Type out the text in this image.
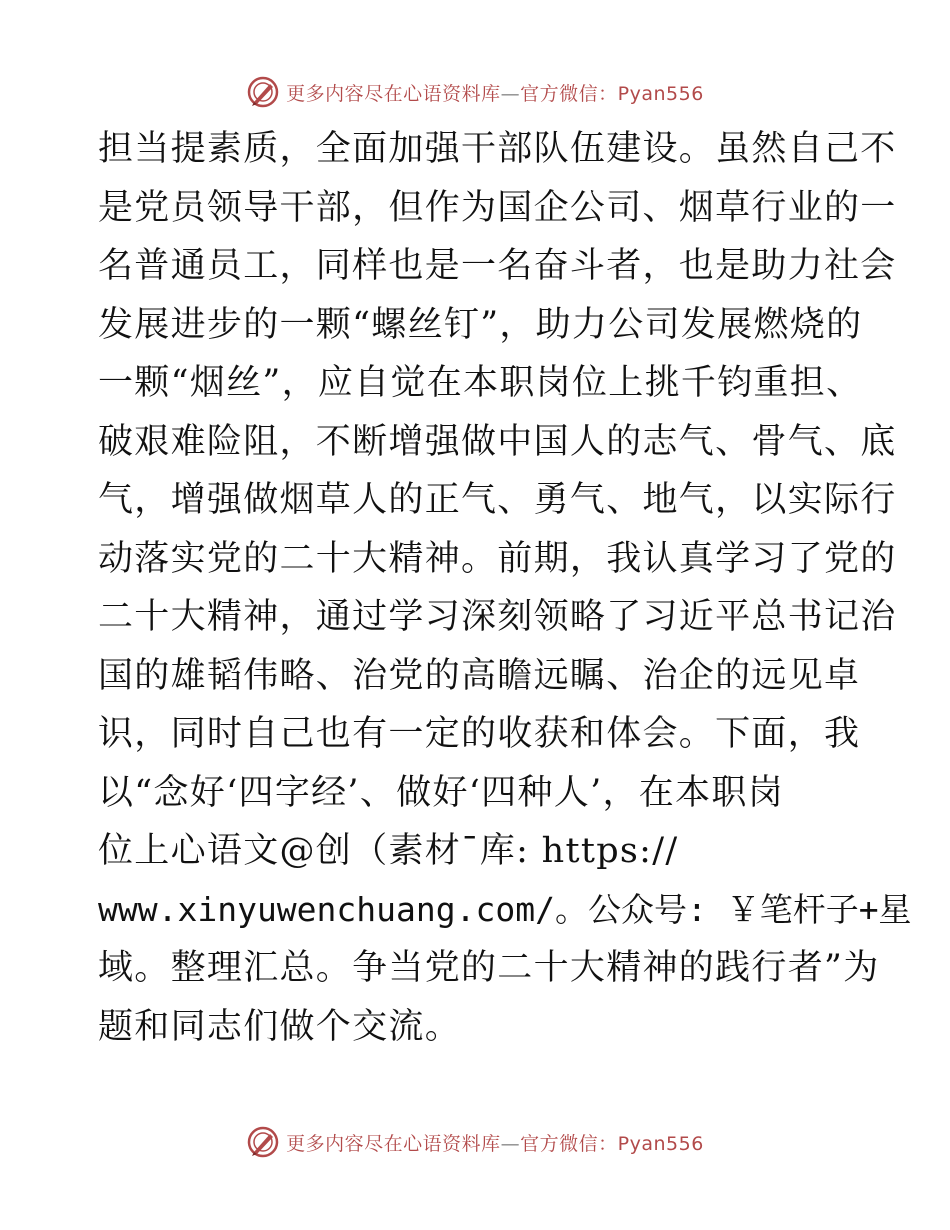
更多内容尽在心语资料库—官方微信：Pyan556
担当提素质，全面加强干部队伍建设。虽然自己不
是党员领导干部，但作为国企公司、烟草行业的一
名普通员工，同样也是一名奋斗者，也是助力社会
发展进步的一颗“螺丝钉”，助力公司发展燃烧的
一颗“烟丝”，应自觉在本职岗位上挑千钧重担、
破艰难险阻，不断增强做中国人的志气、骨气、底
气，增强做烟草人的正气、勇气、地气，以实际行
动落实党的二十大精神。前期，我认真学习了党的
二十大精神，通过学习深刻领略了习近平总书记治
国的雄韬伟略、治党的高瞻远瞩、治企的远见卓
识，同时自己也有一定的收获和体会。下面，我
以“念好‘四字经’、做好‘四种人’，在本职岗
位上心语文@创（素材¯库: https://
www.xinyuwenchuang.com/。公众号: ￥笔杆子+星
域。整理汇总。争当党的二十大精神的践行者”为
题和同志们做个交流。
更多内容尽在心语资料库—官方微信：Pyan556
